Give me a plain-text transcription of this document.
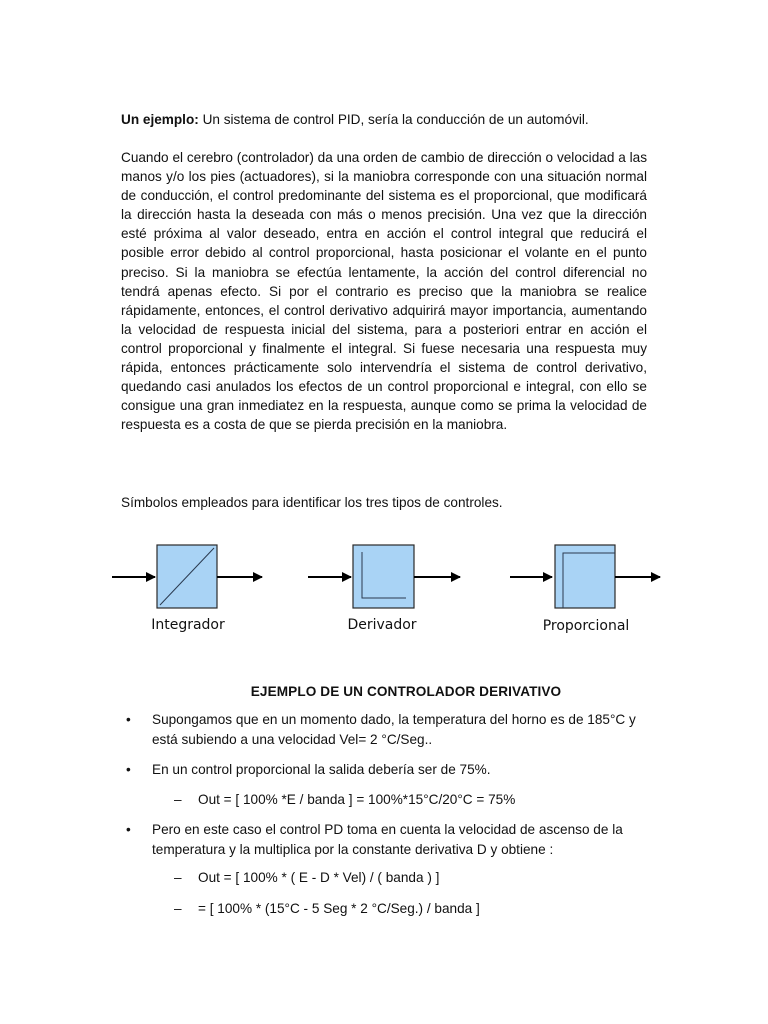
Un ejemplo: Un sistema de control PID, sería la conducción de un automóvil.

Cuando el cerebro (controlador) da una orden de cambio de dirección o velocidad a las manos y/o los pies (actuadores), si la maniobra corresponde con una situación normal de conducción, el control predominante del sistema es el proporcional, que modificará la dirección hasta la deseada con más o menos precisión. Una vez que la dirección esté próxima al valor deseado, entra en acción el control integral que reducirá el posible error debido al control proporcional, hasta posicionar el volante en el punto preciso. Si la maniobra se efectúa lentamente, la acción del control diferencial no tendrá apenas efecto. Si por el contrario es preciso que la maniobra se realice rápidamente, entonces, el control derivativo adquirirá mayor importancia, aumentando la velocidad de respuesta inicial del sistema, para a posteriori entrar en acción el control proporcional y finalmente el integral. Si fuese necesaria una respuesta muy rápida, entonces prácticamente solo intervendría el sistema de control derivativo, quedando casi anulados los efectos de un control proporcional e integral, con ello se consigue una gran inmediatez en la respuesta, aunque como se prima la velocidad de respuesta es a costa de que se pierda precisión en la maniobra.

Símbolos empleados para identificar los tres tipos de controles.

Integrador	Derivador	Proporcional

EJEMPLO DE UN CONTROLADOR DERIVATIVO

•	Supongamos que en un momento dado, la temperatura del horno es de 185°C y está subiendo a una velocidad Vel= 2 °C/Seg..
•	En un control proporcional la salida debería ser de 75%.
– Out = [ 100% *E / banda ] = 100%*15°C/20°C = 75%
•	Pero en este caso el control PD toma en cuenta la velocidad de ascenso de la temperatura y la multiplica por la constante derivativa D y obtiene :
– Out = [ 100% * ( E - D * Vel) / ( banda ) ]
– = [ 100% * (15°C - 5 Seg * 2 °C/Seg.) / banda ]
